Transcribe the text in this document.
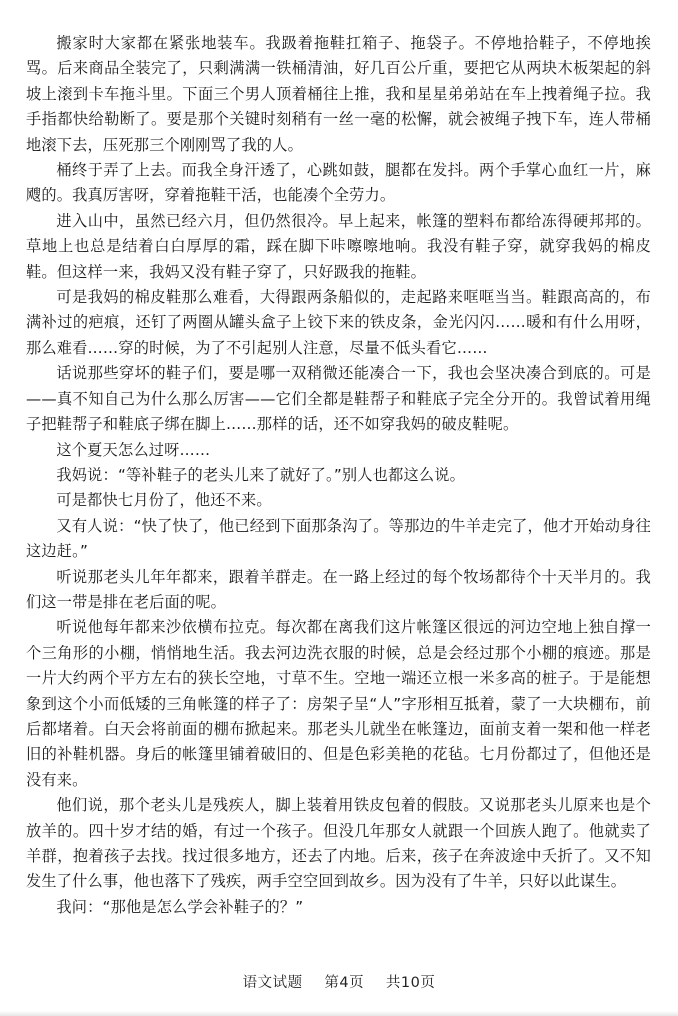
搬家时大家都在紧张地装车。我趿着拖鞋扛箱子、拖袋子。不停地拾鞋子，不停地挨骂。后来商品全装完了，只剩满满一铁桶清油，好几百公斤重，要把它从两块木板架起的斜坡上滚到卡车拖斗里。下面三个男人顶着桶往上推，我和星星弟弟站在车上拽着绳子拉。我手指都快给勒断了。要是那个关键时刻稍有一丝一毫的松懈，就会被绳子拽下车，连人带桶地滚下去，压死那三个刚刚骂了我的人。

桶终于弄了上去。而我全身汗透了，心跳如鼓，腿都在发抖。两个手掌心血红一片，麻飕的。我真厉害呀，穿着拖鞋干活，也能凑个全劳力。

进入山中，虽然已经六月，但仍然很冷。早上起来，帐篷的塑料布都给冻得硬邦邦的。草地上也总是结着白白厚厚的霜，踩在脚下咔嚓嚓地响。我没有鞋子穿，就穿我妈的棉皮鞋。但这样一来，我妈又没有鞋子穿了，只好趿我的拖鞋。

可是我妈的棉皮鞋那么难看，大得跟两条船似的，走起路来哐哐当当。鞋跟高高的，布满补过的疤痕，还钉了两圈从罐头盒子上铰下来的铁皮条，金光闪闪……暖和有什么用呀，那么难看……穿的时候，为了不引起别人注意，尽量不低头看它……

话说那些穿坏的鞋子们，要是哪一双稍微还能凑合一下，我也会坚决凑合到底的。可是——真不知自己为什么那么厉害——它们全都是鞋帮子和鞋底子完全分开的。我曾试着用绳子把鞋帮子和鞋底子绑在脚上……那样的话，还不如穿我妈的破皮鞋呢。

这个夏天怎么过呀……

我妈说：“等补鞋子的老头儿来了就好了。”别人也都这么说。

可是都快七月份了，他还不来。

又有人说：“快了快了，他已经到下面那条沟了。等那边的牛羊走完了，他才开始动身往这边赶。”

听说那老头儿年年都来，跟着羊群走。在一路上经过的每个牧场都待个十天半月的。我们这一带是排在老后面的呢。

听说他每年都来沙依横布拉克。每次都在离我们这片帐篷区很远的河边空地上独自撑一个三角形的小棚，悄悄地生活。我去河边洗衣服的时候，总是会经过那个小棚的痕迹。那是一片大约两个平方左右的狭长空地，寸草不生。空地一端还立根一米多高的桩子。于是能想象到这个小而低矮的三角帐篷的样子了：房架子呈“人”字形相互抵着，蒙了一大块棚布，前后都堵着。白天会将前面的棚布掀起来。那老头儿就坐在帐篷边，面前支着一架和他一样老旧的补鞋机器。身后的帐篷里铺着破旧的、但是色彩美艳的花毡。七月份都过了，但他还是没有来。

他们说，那个老头儿是残疾人，脚上装着用铁皮包着的假肢。又说那老头儿原来也是个放羊的。四十岁才结的婚，有过一个孩子。但没几年那女人就跟一个回族人跑了。他就卖了羊群，抱着孩子去找。找过很多地方，还去了内地。后来，孩子在奔波途中夭折了。又不知发生了什么事，他也落下了残疾，两手空空回到故乡。因为没有了牛羊，只好以此谋生。

我问：“那他是怎么学会补鞋子的？”

语文试题 第4页 共10页
